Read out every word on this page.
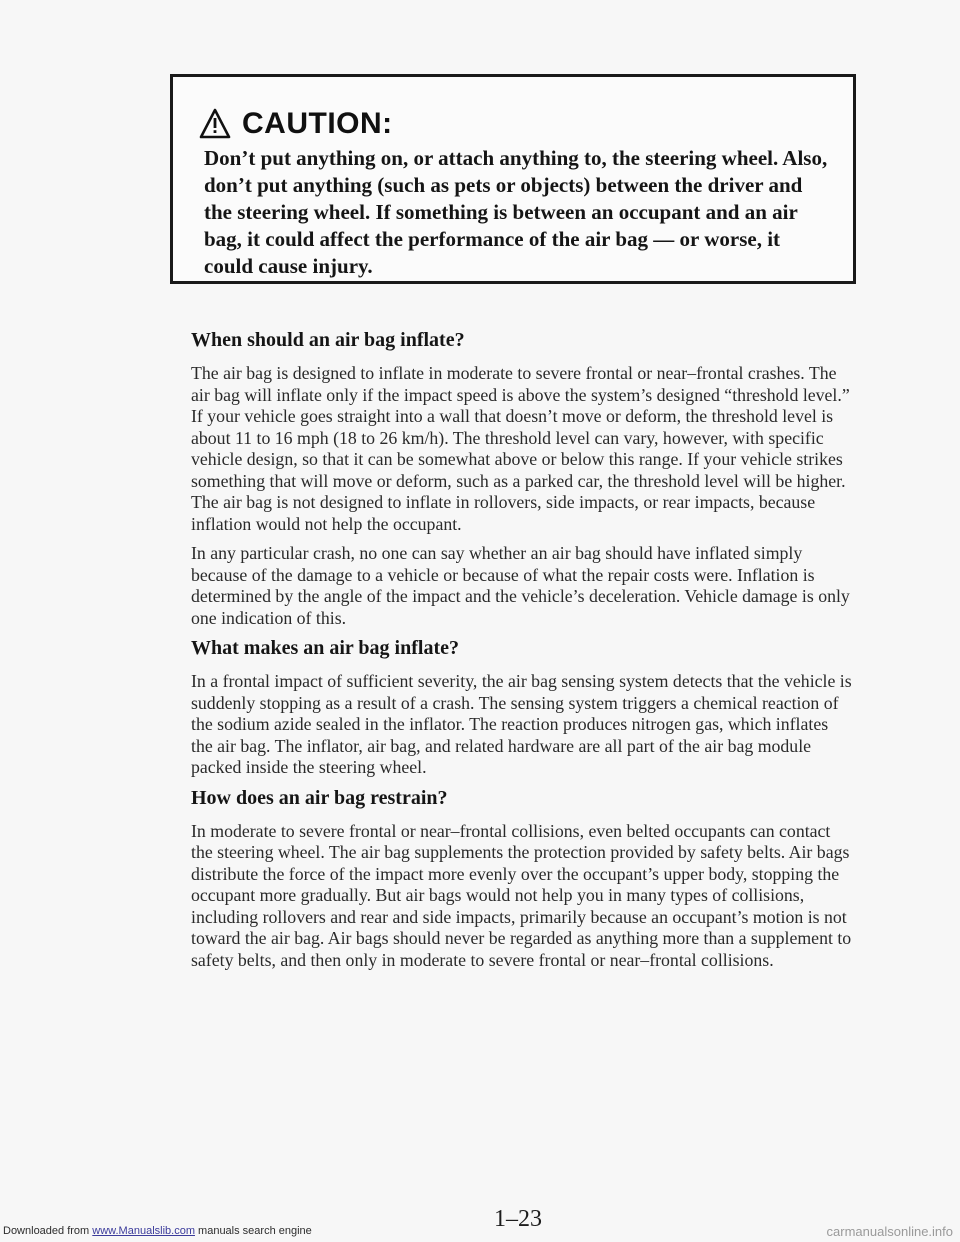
CAUTION:
Don’t put anything on, or attach anything to, the steering wheel. Also, don’t put anything (such as pets or objects) between the driver and the steering wheel. If something is between an occupant and an air bag, it could affect the performance of the air bag — or worse, it could cause injury.
When should an air bag inflate?

The air bag is designed to inflate in moderate to severe frontal or near–frontal crashes. The air bag will inflate only if the impact speed is above the system’s designed “threshold level.” If your vehicle goes straight into a wall that doesn’t move or deform, the threshold level is about 11 to 16 mph (18 to 26 km/h). The threshold level can vary, however, with specific vehicle design, so that it can be somewhat above or below this range. If your vehicle strikes something that will move or deform, such as a parked car, the threshold level will be higher. The air bag is not designed to inflate in rollovers, side impacts, or rear impacts, because inflation would not help the occupant.

In any particular crash, no one can say whether an air bag should have inflated simply because of the damage to a vehicle or because of what the repair costs were. Inflation is determined by the angle of the impact and the vehicle’s deceleration. Vehicle damage is only one indication of this.

What makes an air bag inflate?

In a frontal impact of sufficient severity, the air bag sensing system detects that the vehicle is suddenly stopping as a result of a crash. The sensing system triggers a chemical reaction of the sodium azide sealed in the inflator. The reaction produces nitrogen gas, which inflates the air bag. The inflator, air bag, and related hardware are all part of the air bag module packed inside the steering wheel.

How does an air bag restrain?

In moderate to severe frontal or near–frontal collisions, even belted occupants can contact the steering wheel. The air bag supplements the protection provided by safety belts. Air bags distribute the force of the impact more evenly over the occupant’s upper body, stopping the occupant more gradually. But air bags would not help you in many types of collisions, including rollovers and rear and side impacts, primarily because an occupant’s motion is not toward the air bag. Air bags should never be regarded as anything more than a supplement to safety belts, and then only in moderate to severe frontal or near–frontal collisions.

Downloaded from www.Manualslib.com manuals search engine	1–23	carmanualsonline.info
